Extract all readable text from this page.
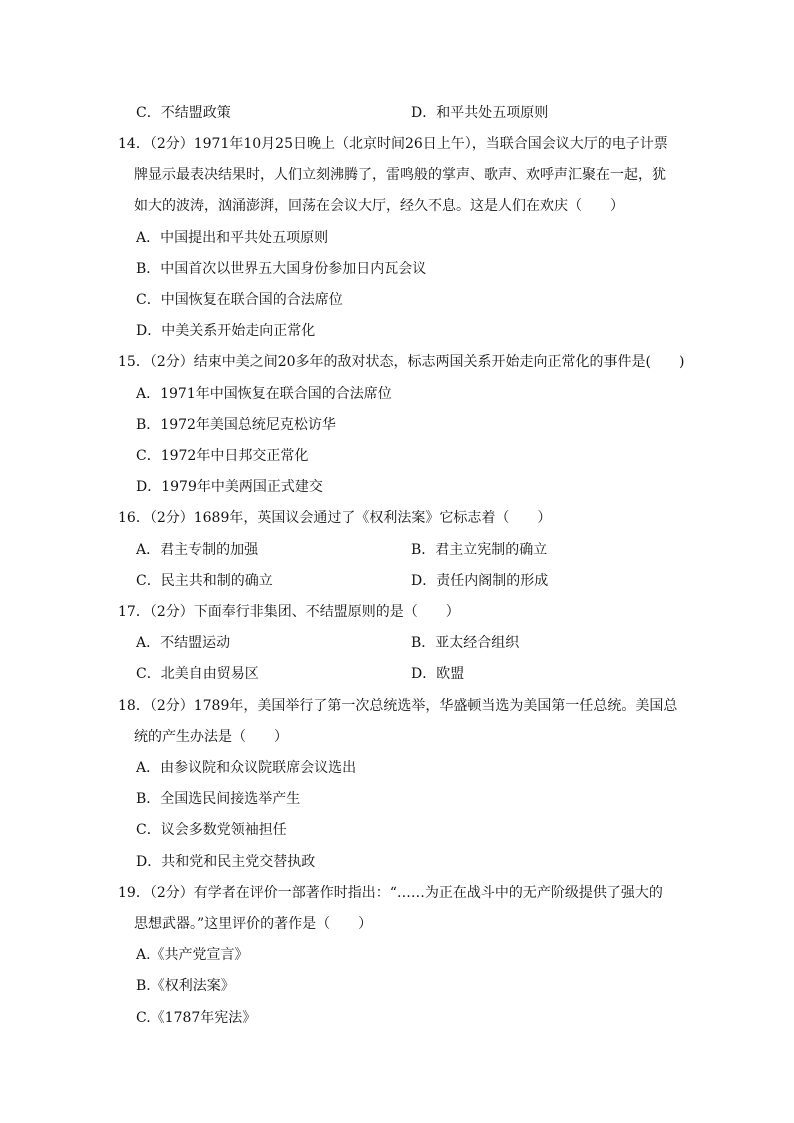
C．不结盟政策	D．和平共处五项原则
14．（2分）1971年10月25日晚上（北京时间26日上午），当联合国会议大厅的电子计票
牌显示最表决结果时，人们立刻沸腾了，雷鸣般的掌声、歌声、欢呼声汇聚在一起，犹
如大的波涛，汹涌澎湃，回荡在会议大厅，经久不息。这是人们在欢庆（　　）
A．中国提出和平共处五项原则
B．中国首次以世界五大国身份参加日内瓦会议
C．中国恢复在联合国的合法席位
D．中美关系开始走向正常化
15．（2分）结束中美之间20多年的敌对状态，标志两国关系开始走向正常化的事件是(　　)
A．1971年中国恢复在联合国的合法席位
B．1972年美国总统尼克松访华
C．1972年中日邦交正常化
D．1979年中美两国正式建交
16．（2分）1689年，英国议会通过了《权利法案》它标志着（　　）
A．君主专制的加强	B．君主立宪制的确立
C．民主共和制的确立	D．责任内阁制的形成
17．（2分）下面奉行非集团、不结盟原则的是（　　）
A．不结盟运动	B．亚太经合组织
C．北美自由贸易区	D．欧盟
18．（2分）1789年，美国举行了第一次总统选举，华盛顿当选为美国第一任总统。美国总
统的产生办法是（　　）
A．由参议院和众议院联席会议选出
B．全国选民间接选举产生
C．议会多数党领袖担任
D．共和党和民主党交替执政
19．（2分）有学者在评价一部著作时指出：“……为正在战斗中的无产阶级提供了强大的
思想武器。”这里评价的著作是（　　）
A.《共产党宣言》
B.《权利法案》
C.《1787年宪法》
